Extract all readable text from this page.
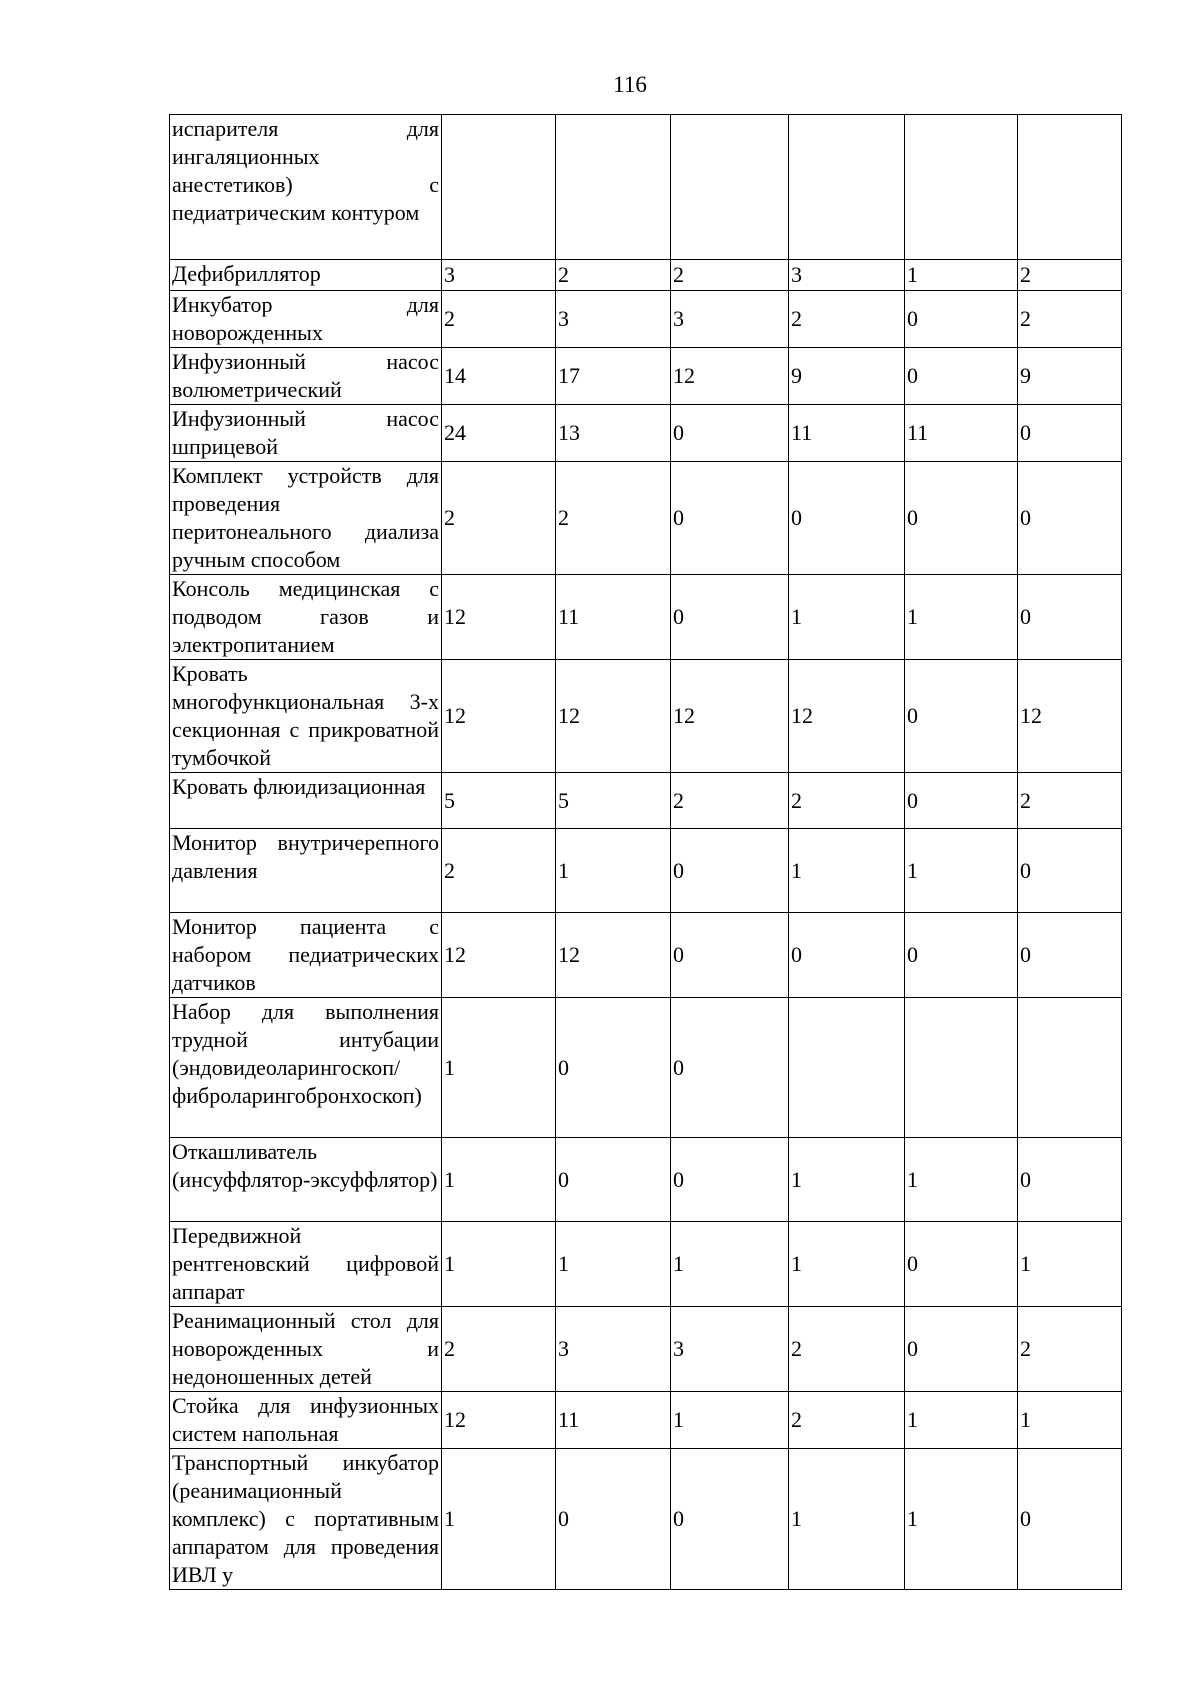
116
испарителя для ингаляционных анестетиков) с педиатрическим контуром						
Дефибриллятор	3	2	2	3	1	2
Инкубатор для новорожденных	2	3	3	2	0	2
Инфузионный насос волюметрический	14	17	12	9	0	9
Инфузионный насос шприцевой	24	13	0	11	11	0
Комплект устройств для проведения перитонеального диализа ручным способом	2	2	0	0	0	0
Консоль медицинская с подводом газов и электропитанием	12	11	0	1	1	0
Кровать многофункциональная 3-х секционная с прикроватной тумбочкой	12	12	12	12	0	12
Кровать флюидизационная	5	5	2	2	0	2
Монитор внутричерепного давления	2	1	0	1	1	0
Монитор пациента с набором педиатрических датчиков	12	12	0	0	0	0
Набор для выполнения трудной интубации (эндовидеоларингоскоп/ фиброларингобронхоскоп)	1	0	0			
Откашливатель (инсуффлятор-эксуффлятор)	1	0	0	1	1	0
Передвижной рентгеновский цифровой аппарат	1	1	1	1	0	1
Реанимационный стол для новорожденных и недоношенных детей	2	3	3	2	0	2
Стойка для инфузионных систем напольная	12	11	1	2	1	1
Транспортный инкубатор (реанимационный комплекс) с портативным аппаратом для проведения ИВЛ у	1	0	0	1	1	0
